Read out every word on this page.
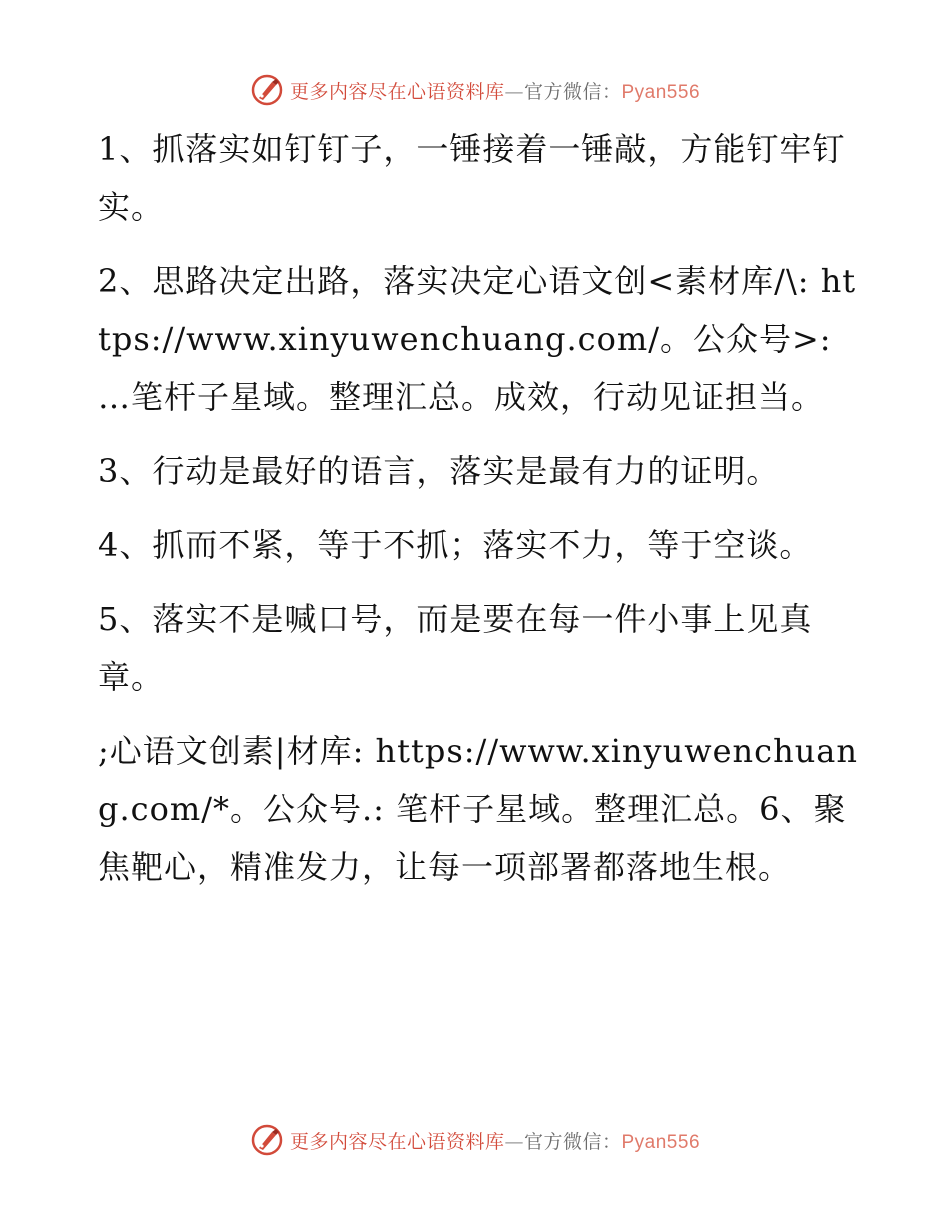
更多内容尽在心语资料库—官方微信：Pyan556

1、抓落实如钉钉子，一锤接着一锤敲，方能钉牢钉实。

2、思路决定出路，落实决定心语文创<素材库/\: https://www.xinyuwenchuang.com/。公众号>: …笔杆子星域。整理汇总。成效，行动见证担当。

3、行动是最好的语言，落实是最有力的证明。

4、抓而不紧，等于不抓；落实不力，等于空谈。

5、落实不是喊口号，而是要在每一件小事上见真章。

;心语文创素|材库: https://www.xinyuwenchuang.com/*。公众号.: 笔杆子星域。整理汇总。6、聚焦靶心，精准发力，让每一项部署都落地生根。

更多内容尽在心语资料库—官方微信：Pyan556
